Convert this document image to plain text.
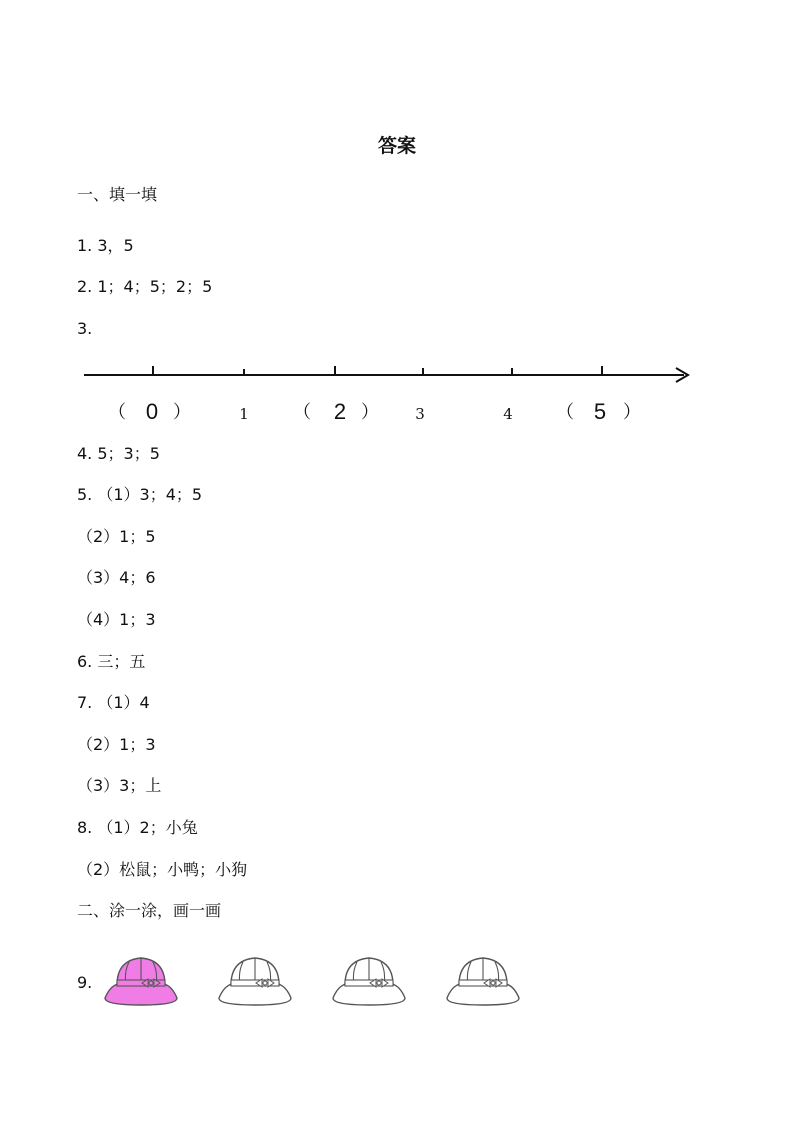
答案
一、填一填
1. 3，5
2. 1；4；5；2；5
3.
（ 0 ）	1 （ 2 ） 3	4 （ 5 ）
4. 5；3；5
5. （1）3；4；5
（2）1；5
（3）4；6
（4）1；3
6. 三；五
7. （1）4
（2）1；3
（3）3；上
8. （1）2；小兔
（2）松鼠；小鸭；小狗
二、涂一涂，画一画
9.
